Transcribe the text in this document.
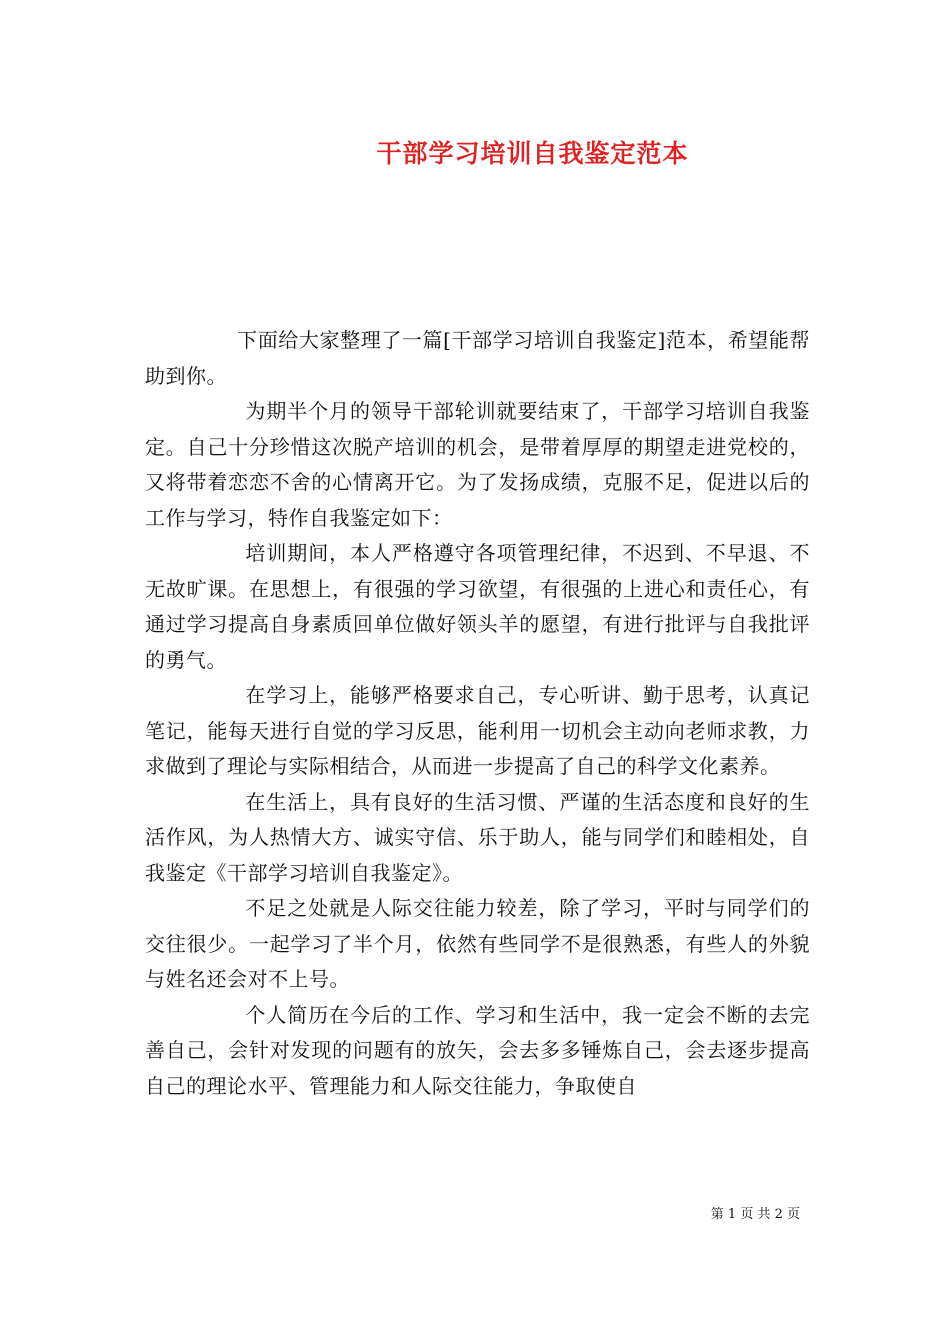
干部学习培训自我鉴定范本

下面给大家整理了一篇[干部学习培训自我鉴定]范本，希望能帮助到你。

为期半个月的领导干部轮训就要结束了，干部学习培训自我鉴定。自己十分珍惜这次脱产培训的机会，是带着厚厚的期望走进党校的，又将带着恋恋不舍的心情离开它。为了发扬成绩，克服不足，促进以后的工作与学习，特作自我鉴定如下：

培训期间，本人严格遵守各项管理纪律，不迟到、不早退、不无故旷课。在思想上，有很强的学习欲望，有很强的上进心和责任心，有通过学习提高自身素质回单位做好领头羊的愿望，有进行批评与自我批评的勇气。

在学习上，能够严格要求自己，专心听讲、勤于思考，认真记笔记，能每天进行自觉的学习反思，能利用一切机会主动向老师求教，力求做到了理论与实际相结合，从而进一步提高了自己的科学文化素养。

在生活上，具有良好的生活习惯、严谨的生活态度和良好的生活作风，为人热情大方、诚实守信、乐于助人，能与同学们和睦相处，自我鉴定《干部学习培训自我鉴定》。

不足之处就是人际交往能力较差，除了学习，平时与同学们的交往很少。一起学习了半个月，依然有些同学不是很熟悉，有些人的外貌与姓名还会对不上号。

个人简历在今后的工作、学习和生活中，我一定会不断的去完善自己，会针对发现的问题有的放矢，会去多多锤炼自己，会去逐步提高自己的理论水平、管理能力和人际交往能力，争取使自

第 1 页 共 2 页
